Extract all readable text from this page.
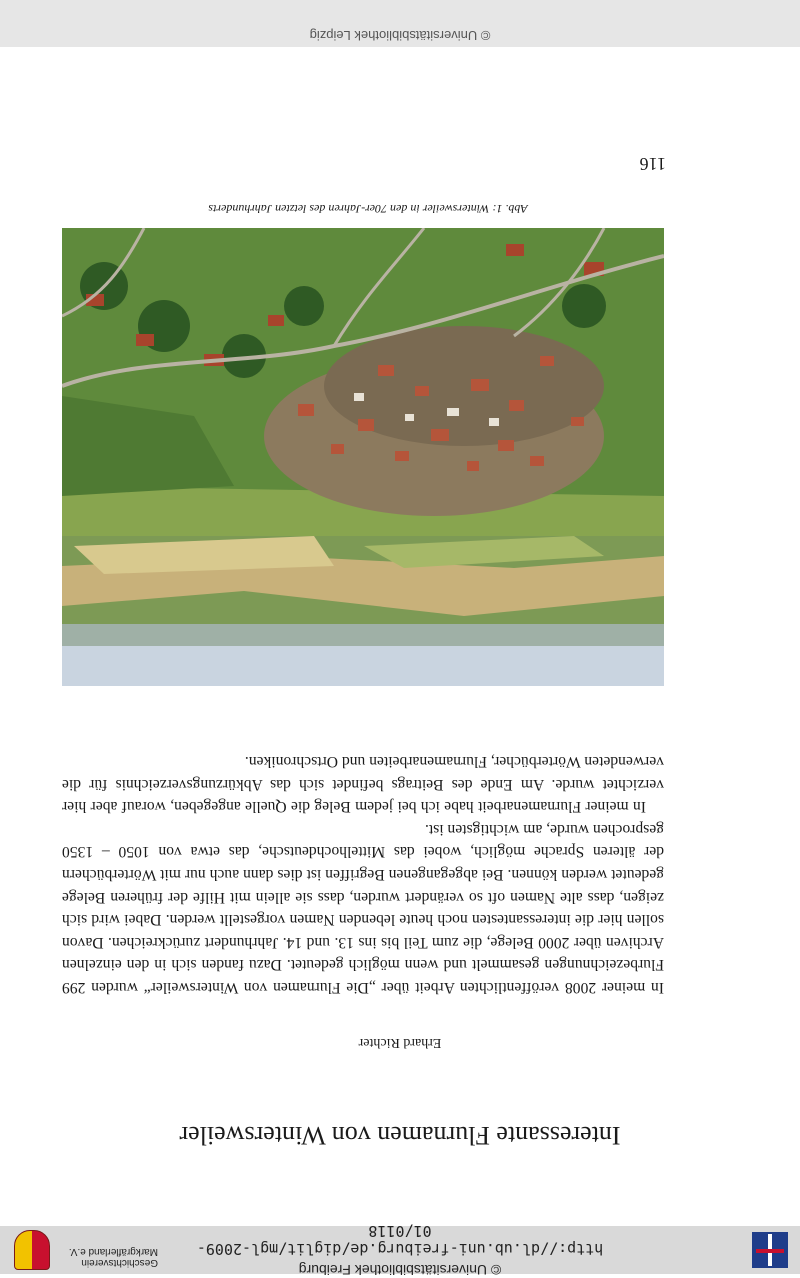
© Universitätsbibliothek Freiburg
http://dl.ub.uni-freiburg.de/diglit/mgl-2009-01/0118
Geschichtsverein
Markgräflerland e.V.
Interessante Flurnamen von Wintersweiler
Erhard Richter

In meiner 2008 veröffentlichten Arbeit über „Die Flurnamen von Wintersweiler“ wurden 299 Flurbezeichnungen gesammelt und wenn möglich gedeutet. Dazu fanden sich in den einzelnen Archiven über 2000 Belege, die zum Teil bis ins 13. und 14. Jahrhundert zurückreichen. Davon sollen hier die interessantesten noch heute lebenden Namen vorgestellt werden. Dabei wird sich zeigen, dass alte Namen oft so verändert wurden, dass sie allein mit Hilfe der früheren Belege gedeutet werden können. Bei abgegangenen Begriffen ist dies dann auch nur mit Wörterbüchern der älteren Sprache möglich, wobei das Mittelhochdeutsche, das etwa von 1050 – 1350 gesprochen wurde, am wichtigsten ist.

In meiner Flurnamenarbeit habe ich bei jedem Beleg die Quelle angegeben, worauf aber hier verzichtet wurde. Am Ende des Beitrags befindet sich das Abkürzungsverzeichnis für die verwendeten Wörterbücher, Flurnamenarbeiten und Ortschroniken.

Abb. 1: Wintersweiler in den 70er-Jahren des letzten Jahrhunderts
116
© Universitätsbibliothek Leipzig
